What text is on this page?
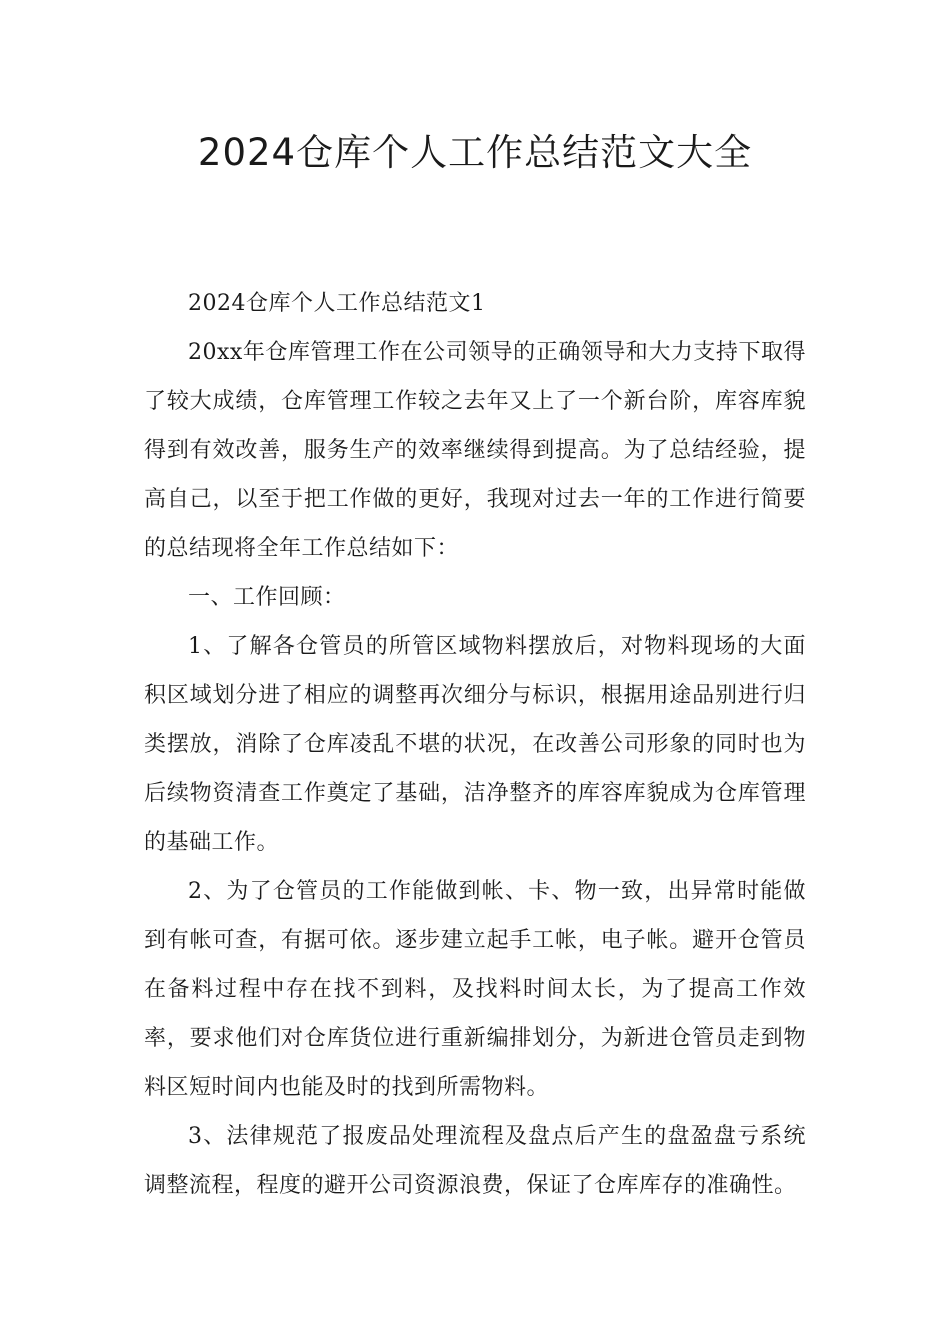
2024仓库个人工作总结范文大全

2024仓库个人工作总结范文1

20xx年仓库管理工作在公司领导的正确领导和大力支持下取得了较大成绩，仓库管理工作较之去年又上了一个新台阶，库容库貌得到有效改善，服务生产的效率继续得到提高。为了总结经验，提高自己，以至于把工作做的更好，我现对过去一年的工作进行简要的总结现将全年工作总结如下：

一、工作回顾：

1、了解各仓管员的所管区域物料摆放后，对物料现场的大面积区域划分进了相应的调整再次细分与标识，根据用途品别进行归类摆放，消除了仓库凌乱不堪的状况，在改善公司形象的同时也为后续物资清查工作奠定了基础，洁净整齐的库容库貌成为仓库管理的基础工作。

2、为了仓管员的工作能做到帐、卡、物一致，出异常时能做到有帐可查，有据可依。逐步建立起手工帐，电子帐。避开仓管员在备料过程中存在找不到料，及找料时间太长，为了提高工作效率，要求他们对仓库货位进行重新编排划分，为新进仓管员走到物料区短时间内也能及时的找到所需物料。

3、法律规范了报废品处理流程及盘点后产生的盘盈盘亏系统调整流程，程度的避开公司资源浪费，保证了仓库库存的准确性。
